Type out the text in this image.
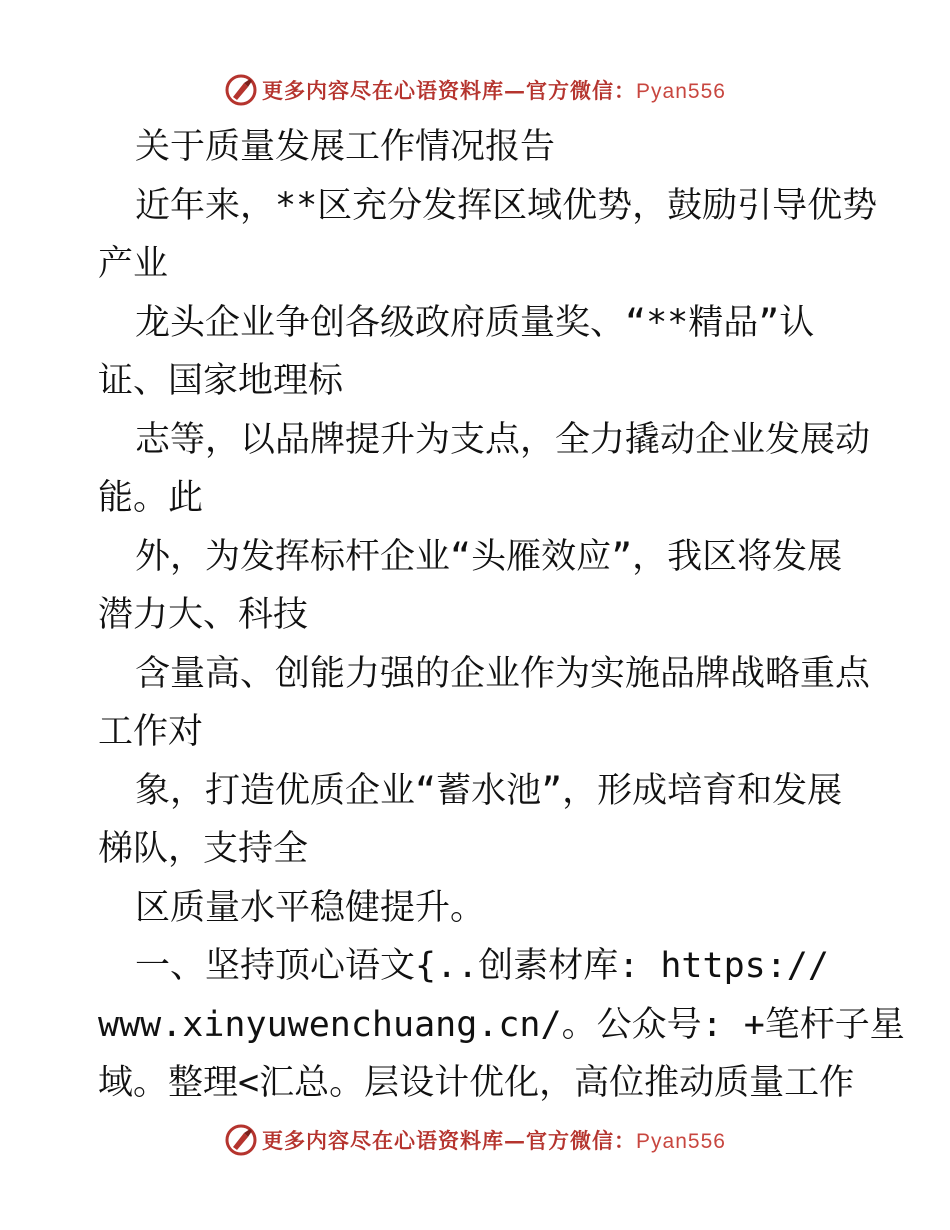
更多内容尽在心语资料库—官方微信：Pyan556
关于质量发展工作情况报告
近年来，**区充分发挥区域优势，鼓励引导优势
产业
龙头企业争创各级政府质量奖、“**精品”认
证、国家地理标
志等，以品牌提升为支点，全力撬动企业发展动
能。此
外，为发挥标杆企业“头雁效应”，我区将发展
潜力大、科技
含量高、创能力强的企业作为实施品牌战略重点
工作对
象，打造优质企业“蓄水池”，形成培育和发展
梯队，支持全
区质量水平稳健提升。
一、坚持顶心语文{..创素材库: https://
www.xinyuwenchuang.cn/。公众号: +笔杆子星
域。整理<汇总。层设计优化，高位推动质量工作
更多内容尽在心语资料库—官方微信：Pyan556
